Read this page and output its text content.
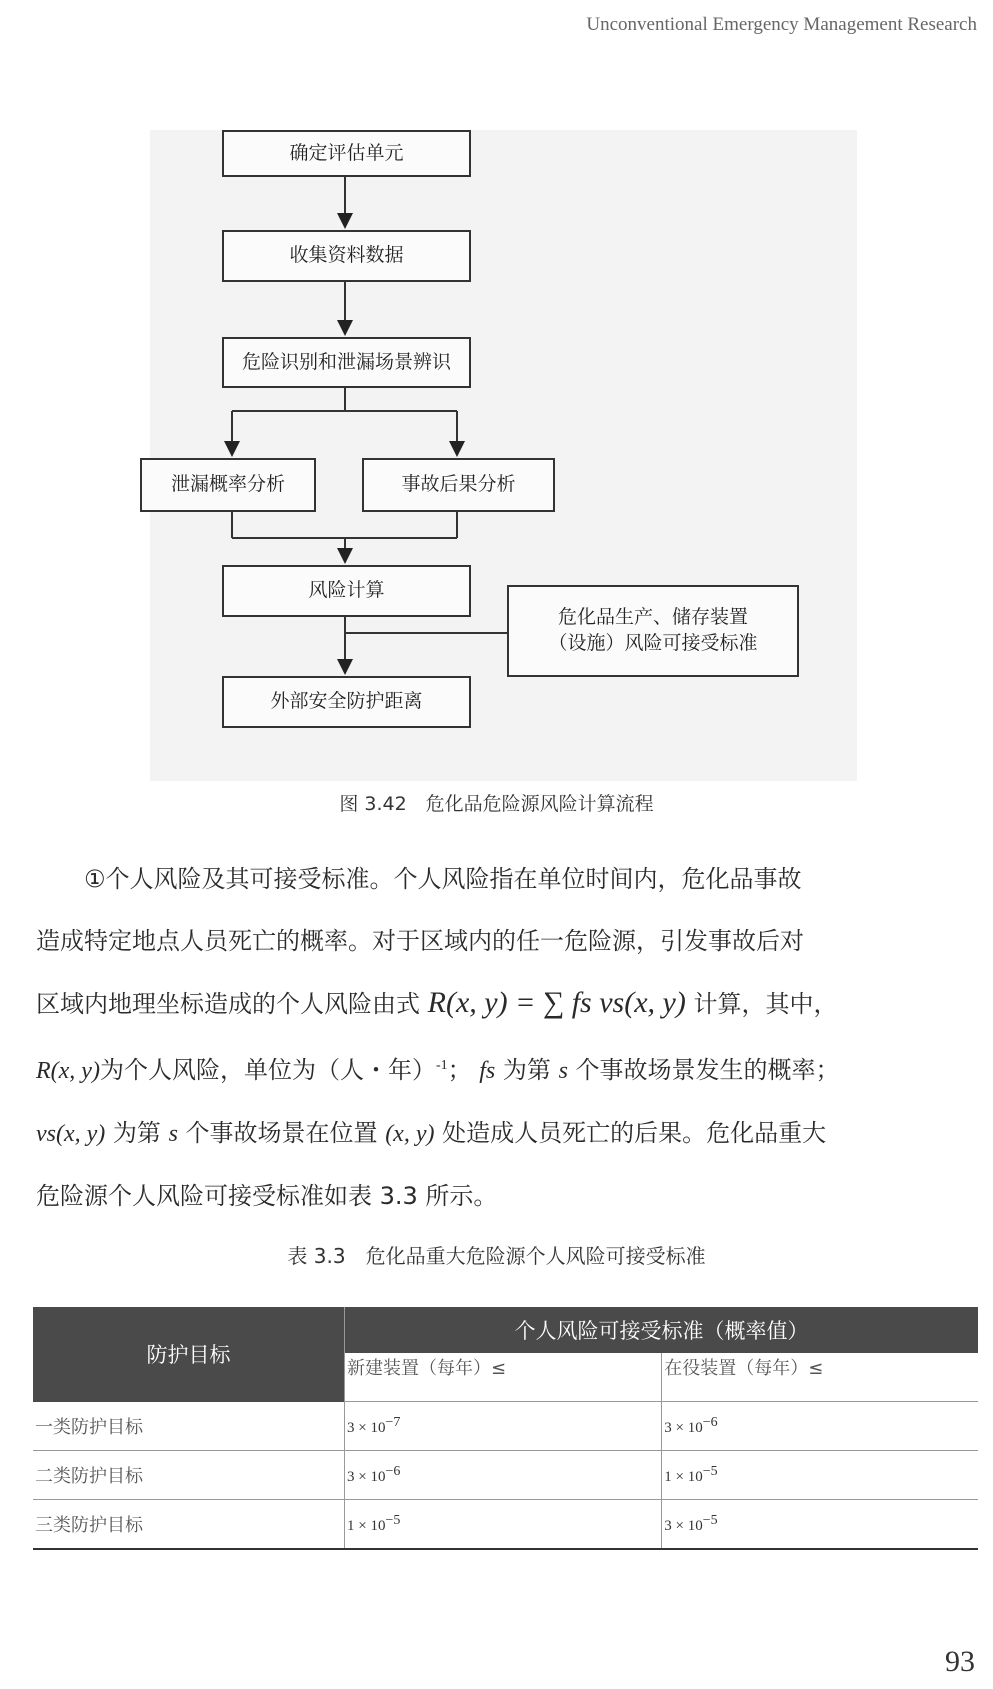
Unconventional Emergency Management Research
确定评估单元
收集资料数据
危险识别和泄漏场景辨识
泄漏概率分析	事故后果分析
风险计算
危化品生产、储存装置
（设施）风险可接受标准
外部安全防护距离
图 3.42　危化品危险源风险计算流程

①个人风险及其可接受标准。个人风险指在单位时间内，危化品事故

造成特定地点人员死亡的概率。对于区域内的任一危险源，引发事故后对

区域内地理坐标造成的个人风险由式 R(x, y) = ∑ fs vs(x, y) 计算，其中，

R(x, y)为个人风险，单位为（人・年）$^{-1}$； fs 为第 s 个事故场景发生的概率；

vs(x, y) 为第 s 个事故场景在位置 (x, y) 处造成人员死亡的后果。危化品重大

危险源个人风险可接受标准如表 3.3 所示。

表 3.3　危化品重大危险源个人风险可接受标准
防护目标	个人风险可接受标准（概率值）	
	新建装置（每年）≤	在役装置（每年）≤
一类防护目标	3 × 10−7	3 × 10−6
二类防护目标	3 × 10−6	1 × 10−5
三类防护目标	1 × 10−5	3 × 10−5
93
